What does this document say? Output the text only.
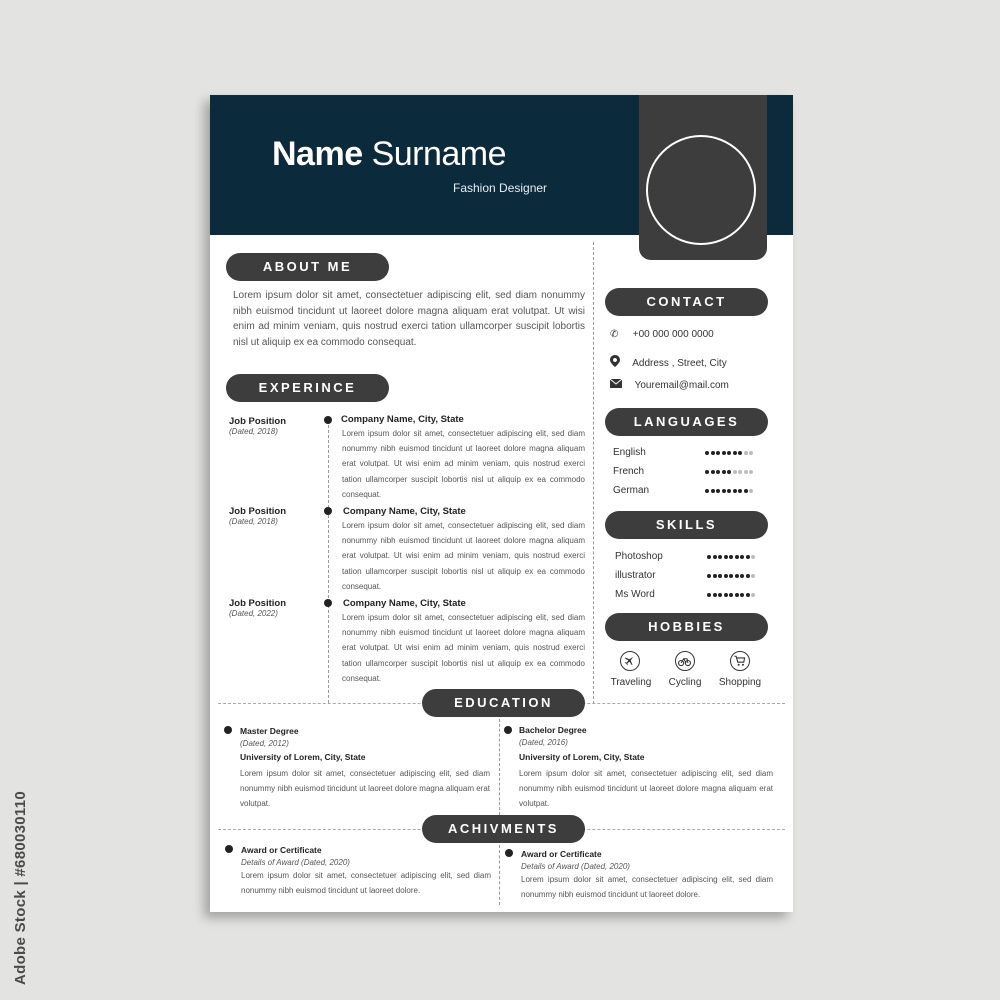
Name Surname
Fashion Designer
ABOUT ME
Lorem ipsum dolor sit amet, consectetuer adipiscing elit, sed diam nonummy nibh euismod tincidunt ut laoreet dolore magna aliquam erat volutpat. Ut wisi enim ad minim veniam, quis nostrud exerci tation ullamcorper suscipit lobortis nisl ut aliquip ex ea commodo consequat.
EXPERINCE
Job Position
(Dated, 2018)
Company Name, City, State
Lorem ipsum dolor sit amet, consectetuer adipiscing elit, sed diam nonummy nibh euismod tincidunt ut laoreet dolore magna aliquam erat volutpat. Ut wisi enim ad minim veniam, quis nostrud exerci tation ullamcorper suscipit lobortis nisl ut aliquip ex ea commodo consequat.
Job Position
(Dated, 2018)
Company Name, City, State
Lorem ipsum dolor sit amet, consectetuer adipiscing elit, sed diam nonummy nibh euismod tincidunt ut laoreet dolore magna aliquam erat volutpat. Ut wisi enim ad minim veniam, quis nostrud exerci tation ullamcorper suscipit lobortis nisl ut aliquip ex ea commodo consequat.
Job Position
(Dated, 2022)
Company Name, City, State
Lorem ipsum dolor sit amet, consectetuer adipiscing elit, sed diam nonummy nibh euismod tincidunt ut laoreet dolore magna aliquam erat volutpat. Ut wisi enim ad minim veniam, quis nostrud exerci tation ullamcorper suscipit lobortis nisl ut aliquip ex ea commodo consequat.
CONTACT
✆ +00 000 000 0000
Address , Street, City
Youremail@mail.com
LANGUAGES
English
French
German
SKILLS
Photoshop
illustrator
Ms Word
HOBBIES
Traveling	Cycling	Shopping
EDUCATION
Master Degree
(Dated, 2012)
University of Lorem, City, State
Lorem ipsum dolor sit amet, consectetuer adipiscing elit, sed diam nonummy nibh euismod tincidunt ut laoreet dolore magna aliquam erat volutpat.
Bachelor Degree
(Dated, 2016)
University of Lorem, City, State
Lorem ipsum dolor sit amet, consectetuer adipiscing elit, sed diam nonummy nibh euismod tincidunt ut laoreet dolore magna aliquam erat volutpat.
ACHIVMENTS
Award or Certificate
Details of Award (Dated, 2020)
Lorem ipsum dolor sit amet, consectetuer adipiscing elit, sed diam nonummy nibh euismod tincidunt ut laoreet dolore.
Award or Certificate
Details of Award (Dated, 2020)
Lorem ipsum dolor sit amet, consectetuer adipiscing elit, sed diam nonummy nibh euismod tincidunt ut laoreet dolore.
Adobe Stock | #680030110
